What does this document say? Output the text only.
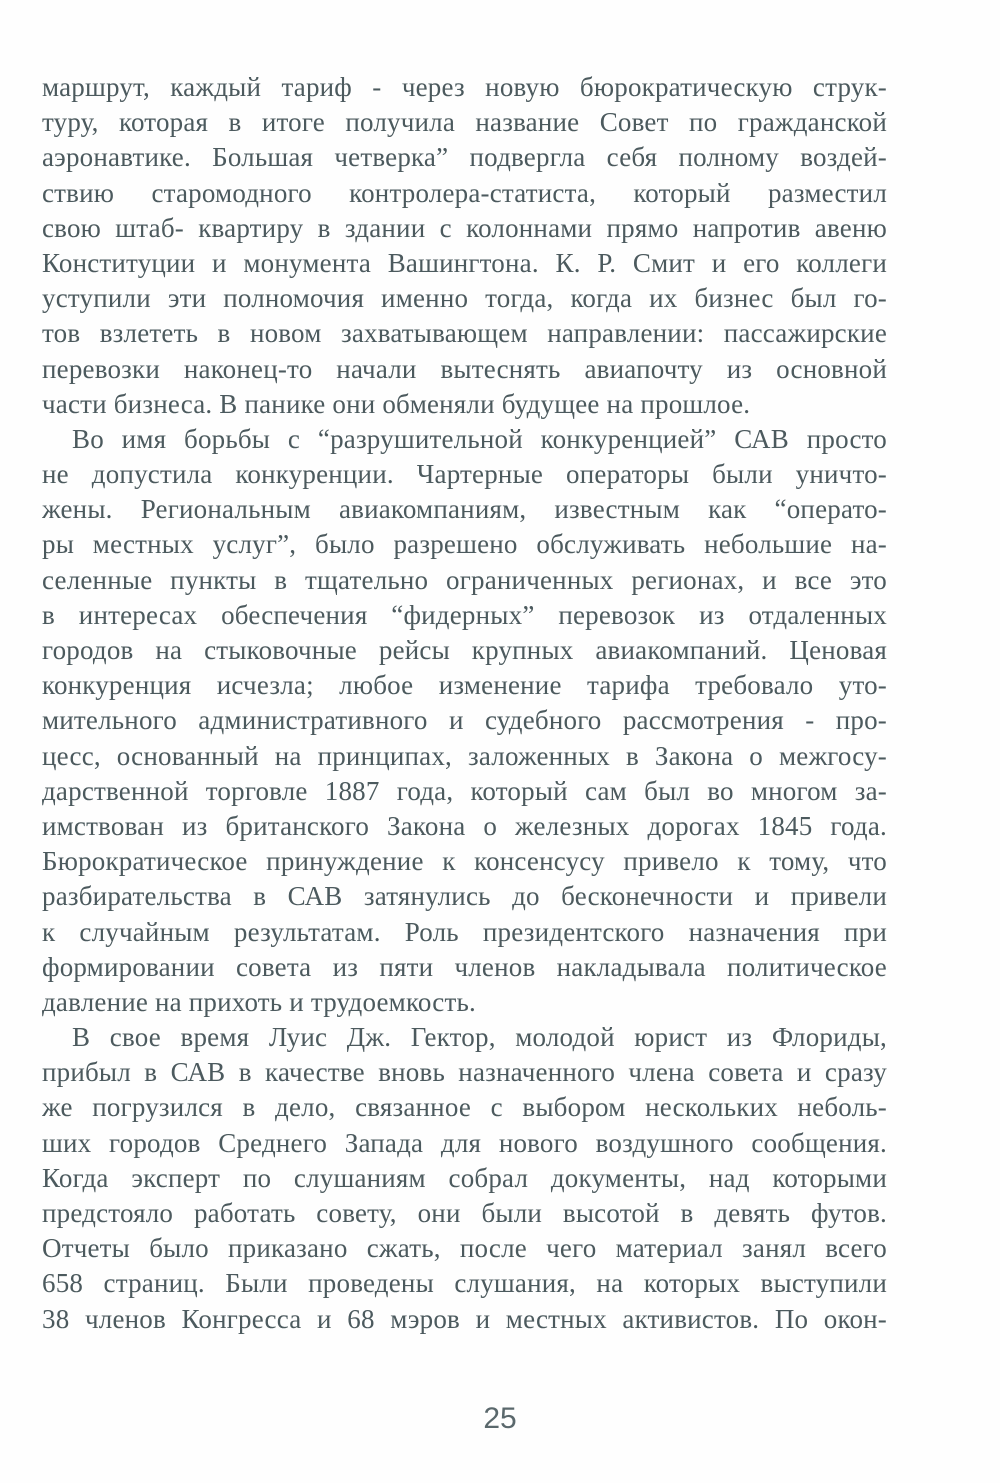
маршрут, каждый тариф - через новую бюрократическую струк-
туру, которая в итоге получила название Совет по гражданской
аэронавтике. Большая четверка” подвергла себя полному воздей-
ствию старомодного контролера-статиста, который разместил
свою штаб- квартиру в здании с колоннами прямо напротив авеню
Конституции и монумента Вашингтона. К. Р. Смит и его коллеги
уступили эти полномочия именно тогда, когда их бизнес был го-
тов взлететь в новом захватывающем направлении: пассажирские
перевозки наконец-то начали вытеснять авиапочту из основной
части бизнеса. В панике они обменяли будущее на прошлое.

Во имя борьбы с “разрушительной конкуренцией” САВ просто
не допустила конкуренции. Чартерные операторы были уничто-
жены. Региональным авиакомпаниям, известным как “операто-
ры местных услуг”, было разрешено обслуживать небольшие на-
селенные пункты в тщательно ограниченных регионах, и все это
в интересах обеспечения “фидерных” перевозок из отдаленных
городов на стыковочные рейсы крупных авиакомпаний. Ценовая
конкуренция исчезла; любое изменение тарифа требовало уто-
мительного административного и судебного рассмотрения - про-
цесс, основанный на принципах, заложенных в Закона о межгосу-
дарственной торговле 1887 года, который сам был во многом за-
имствован из британского Закона о железных дорогах 1845 года.
Бюрократическое принуждение к консенсусу привело к тому, что
разбирательства в САВ затянулись до бесконечности и привели
к случайным результатам. Роль президентского назначения при
формировании совета из пяти членов накладывала политическое
давление на прихоть и трудоемкость.

В свое время Луис Дж. Гектор, молодой юрист из Флориды,
прибыл в САВ в качестве вновь назначенного члена совета и сразу
же погрузился в дело, связанное с выбором нескольких неболь-
ших городов Среднего Запада для нового воздушного сообщения.
Когда эксперт по слушаниям собрал документы, над которыми
предстояло работать совету, они были высотой в девять футов.
Отчеты было приказано сжать, после чего материал занял всего
658 страниц. Были проведены слушания, на которых выступили
38 членов Конгресса и 68 мэров и местных активистов. По окон-

25
